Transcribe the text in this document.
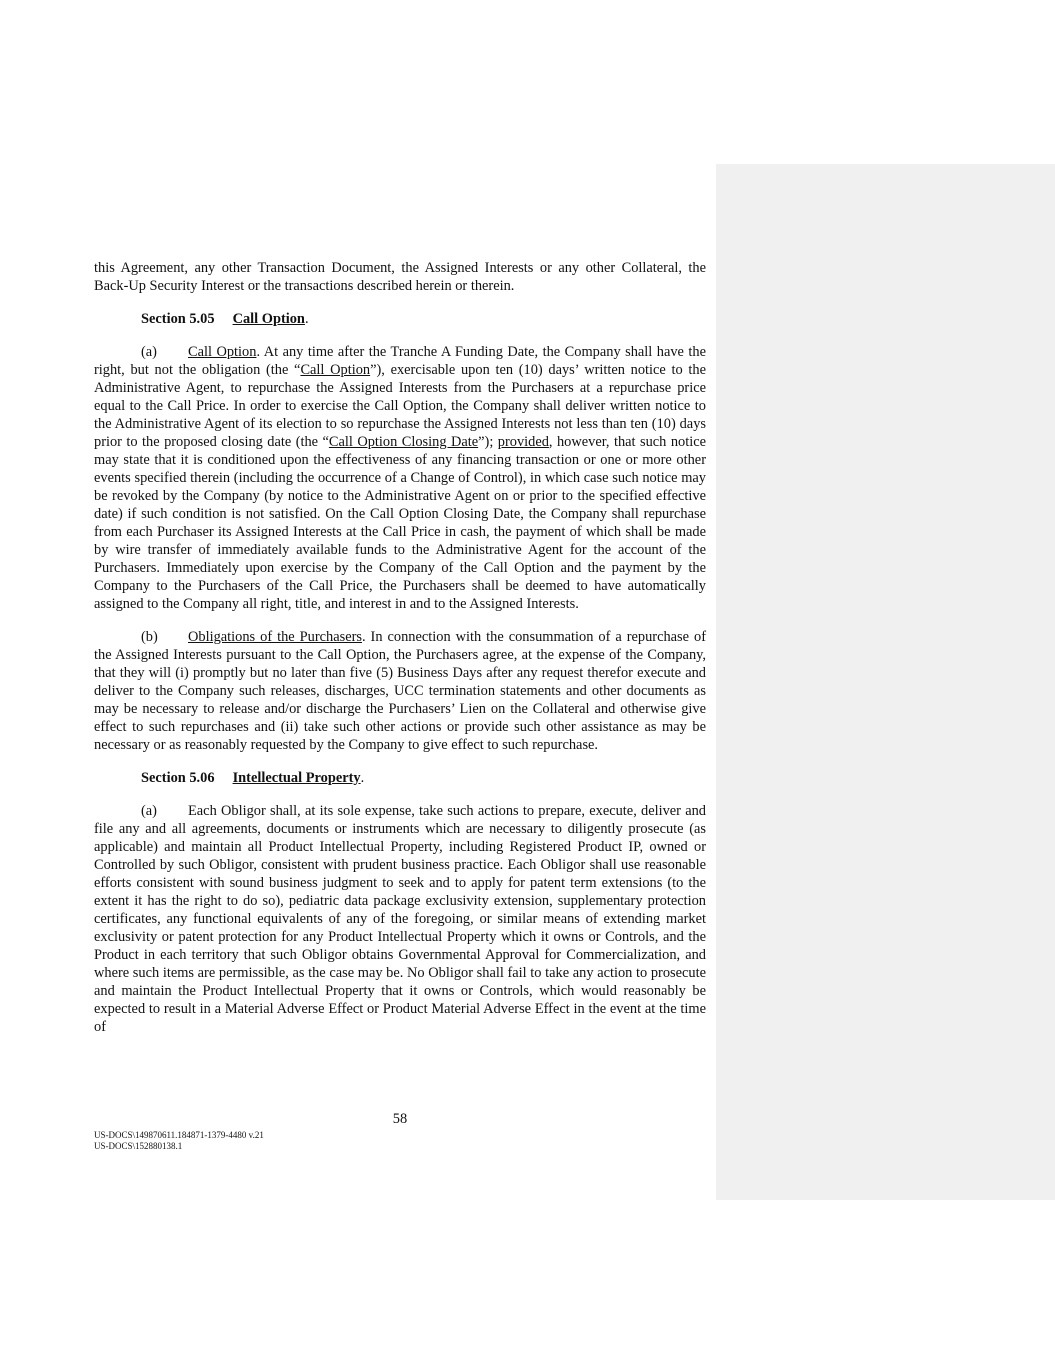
this Agreement, any other Transaction Document, the Assigned Interests or any other Collateral, the Back-Up Security Interest or the transactions described herein or therein.

Section 5.05 Call Option.

(a) Call Option. At any time after the Tranche A Funding Date, the Company shall have the right, but not the obligation (the “Call Option”), exercisable upon ten (10) days’ written notice to the Administrative Agent, to repurchase the Assigned Interests from the Purchasers at a repurchase price equal to the Call Price. In order to exercise the Call Option, the Company shall deliver written notice to the Administrative Agent of its election to so repurchase the Assigned Interests not less than ten (10) days prior to the proposed closing date (the “Call Option Closing Date”); provided, however, that such notice may state that it is conditioned upon the effectiveness of any financing transaction or one or more other events specified therein (including the occurrence of a Change of Control), in which case such notice may be revoked by the Company (by notice to the Administrative Agent on or prior to the specified effective date) if such condition is not satisfied. On the Call Option Closing Date, the Company shall repurchase from each Purchaser its Assigned Interests at the Call Price in cash, the payment of which shall be made by wire transfer of immediately available funds to the Administrative Agent for the account of the Purchasers. Immediately upon exercise by the Company of the Call Option and the payment by the Company to the Purchasers of the Call Price, the Purchasers shall be deemed to have automatically assigned to the Company all right, title, and interest in and to the Assigned Interests.

(b) Obligations of the Purchasers. In connection with the consummation of a repurchase of the Assigned Interests pursuant to the Call Option, the Purchasers agree, at the expense of the Company, that they will (i) promptly but no later than five (5) Business Days after any request therefor execute and deliver to the Company such releases, discharges, UCC termination statements and other documents as may be necessary to release and/or discharge the Purchasers’ Lien on the Collateral and otherwise give effect to such repurchases and (ii) take such other actions or provide such other assistance as may be necessary or as reasonably requested by the Company to give effect to such repurchase.

Section 5.06 Intellectual Property.

(a) Each Obligor shall, at its sole expense, take such actions to prepare, execute, deliver and file any and all agreements, documents or instruments which are necessary to diligently prosecute (as applicable) and maintain all Product Intellectual Property, including Registered Product IP, owned or Controlled by such Obligor, consistent with prudent business practice. Each Obligor shall use reasonable efforts consistent with sound business judgment to seek and to apply for patent term extensions (to the extent it has the right to do so), pediatric data package exclusivity extension, supplementary protection certificates, any functional equivalents of any of the foregoing, or similar means of extending market exclusivity or patent protection for any Product Intellectual Property which it owns or Controls, and the Product in each territory that such Obligor obtains Governmental Approval for Commercialization, and where such items are permissible, as the case may be. No Obligor shall fail to take any action to prosecute and maintain the Product Intellectual Property that it owns or Controls, which would reasonably be expected to result in a Material Adverse Effect or Product Material Adverse Effect in the event at the time of

58
US-DOCS\149870611.184871-1379-4480 v.21
US-DOCS\152880138.1
